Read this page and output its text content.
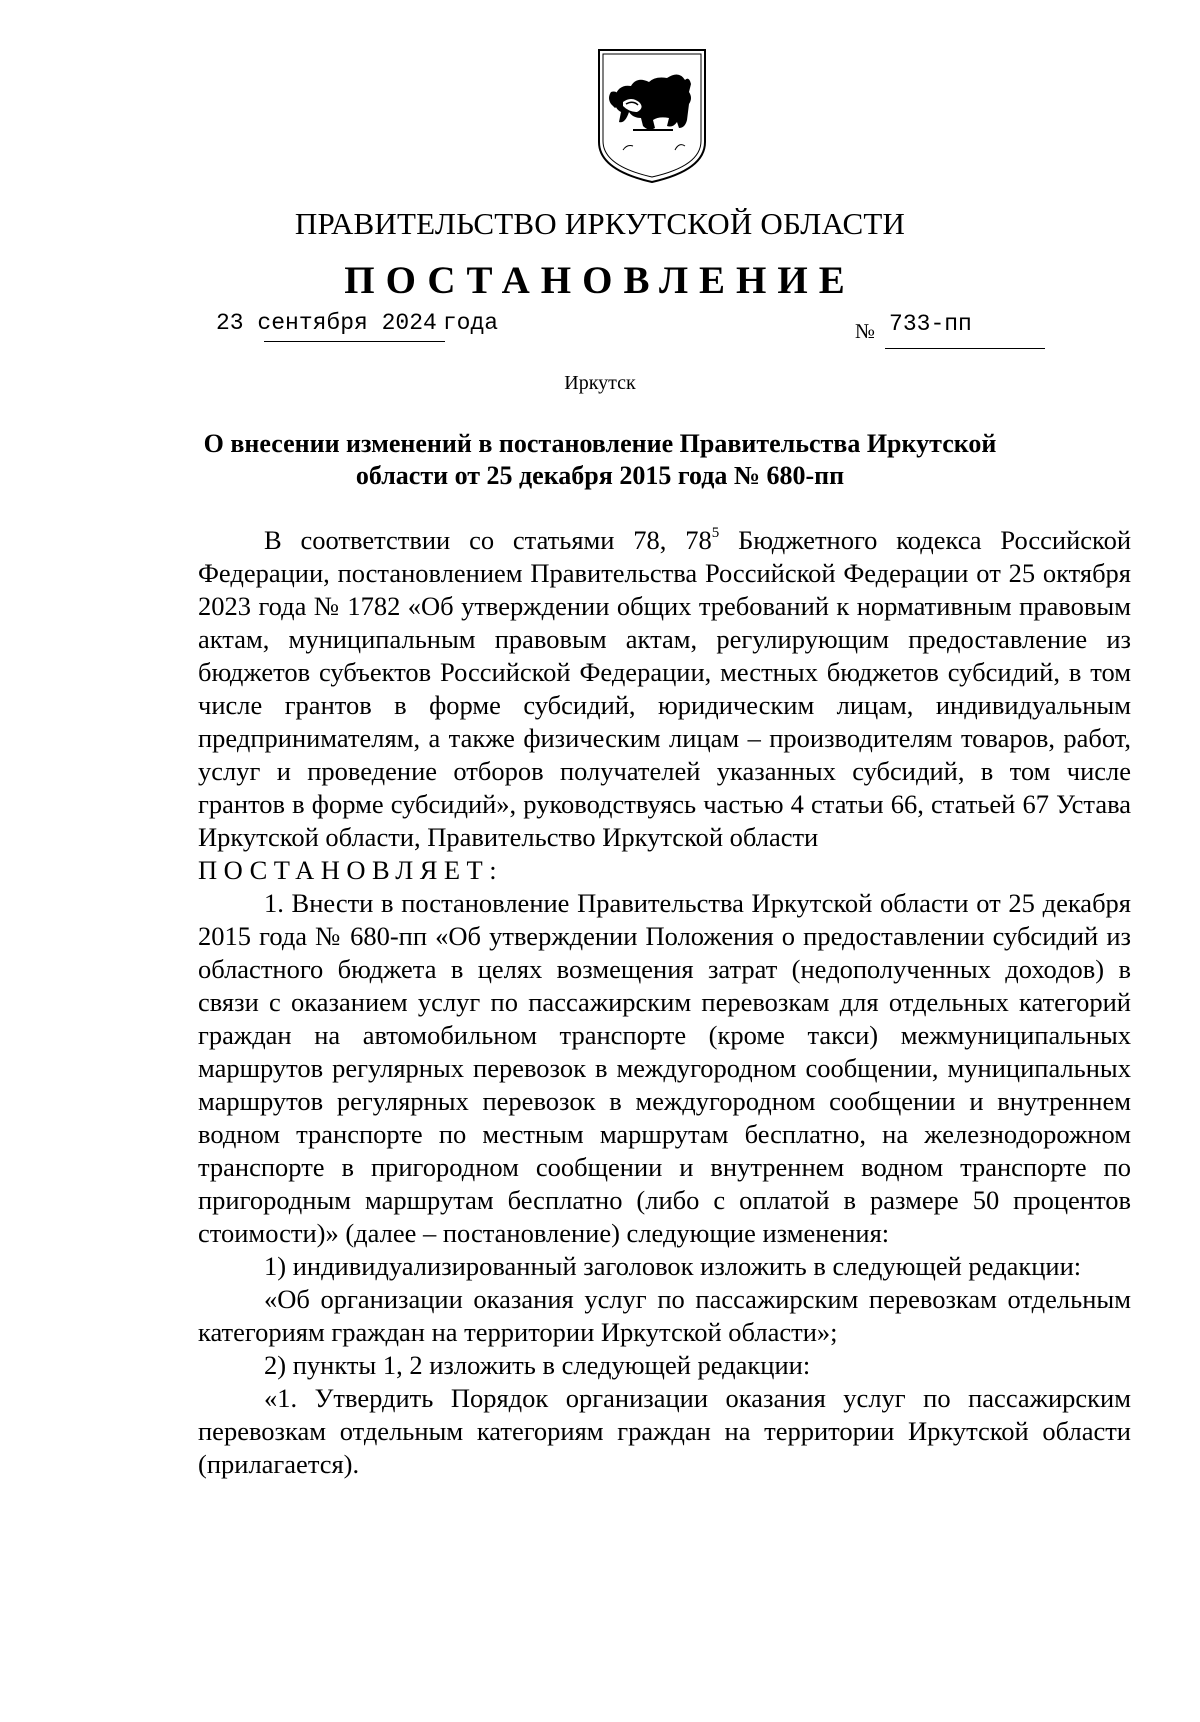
ПРАВИТЕЛЬСТВО ИРКУТСКОЙ ОБЛАСТИ
ПОСТАНОВЛЕНИЕ
23 сентября 2024 года	№ 733-пп
Иркутск
О внесении изменений в постановление Правительства Иркутской
области от 25 декабря 2015 года № 680-пп

В соответствии со статьями 78, $78^5$ Бюджетного кодекса Российской Федерации, постановлением Правительства Российской Федерации от 25 октября 2023 года № 1782 «Об утверждении общих требований к нормативным правовым актам, муниципальным правовым актам, регулирующим предоставление из бюджетов субъектов Российской Федерации, местных бюджетов субсидий, в том числе грантов в форме субсидий, юридическим лицам, индивидуальным предпринимателям, а также физическим лицам – производителям товаров, работ, услуг и проведение отборов получателей указанных субсидий, в том числе грантов в форме субсидий», руководствуясь частью 4 статьи 66, статьей 67 Устава Иркутской области, Правительство Иркутской области

ПОСТАНОВЛЯЕТ:

1. Внести в постановление Правительства Иркутской области от 25 декабря 2015 года № 680-пп «Об утверждении Положения о предоставлении субсидий из областного бюджета в целях возмещения затрат (недополученных доходов) в связи с оказанием услуг по пассажирским перевозкам для отдельных категорий граждан на автомобильном транспорте (кроме такси) межмуниципальных маршрутов регулярных перевозок в междугородном сообщении, муниципальных маршрутов регулярных перевозок в междугородном сообщении и внутреннем водном транспорте по местным маршрутам бесплатно, на железнодорожном транспорте в пригородном сообщении и внутреннем водном транспорте по пригородным маршрутам бесплатно (либо с оплатой в размере 50 процентов стоимости)» (далее – постановление) следующие изменения:

1) индивидуализированный заголовок изложить в следующей редакции:

«Об организации оказания услуг по пассажирским перевозкам отдельным категориям граждан на территории Иркутской области»;

2) пункты 1, 2 изложить в следующей редакции:

«1. Утвердить Порядок организации оказания услуг по пассажирским перевозкам отдельным категориям граждан на территории Иркутской области (прилагается).
